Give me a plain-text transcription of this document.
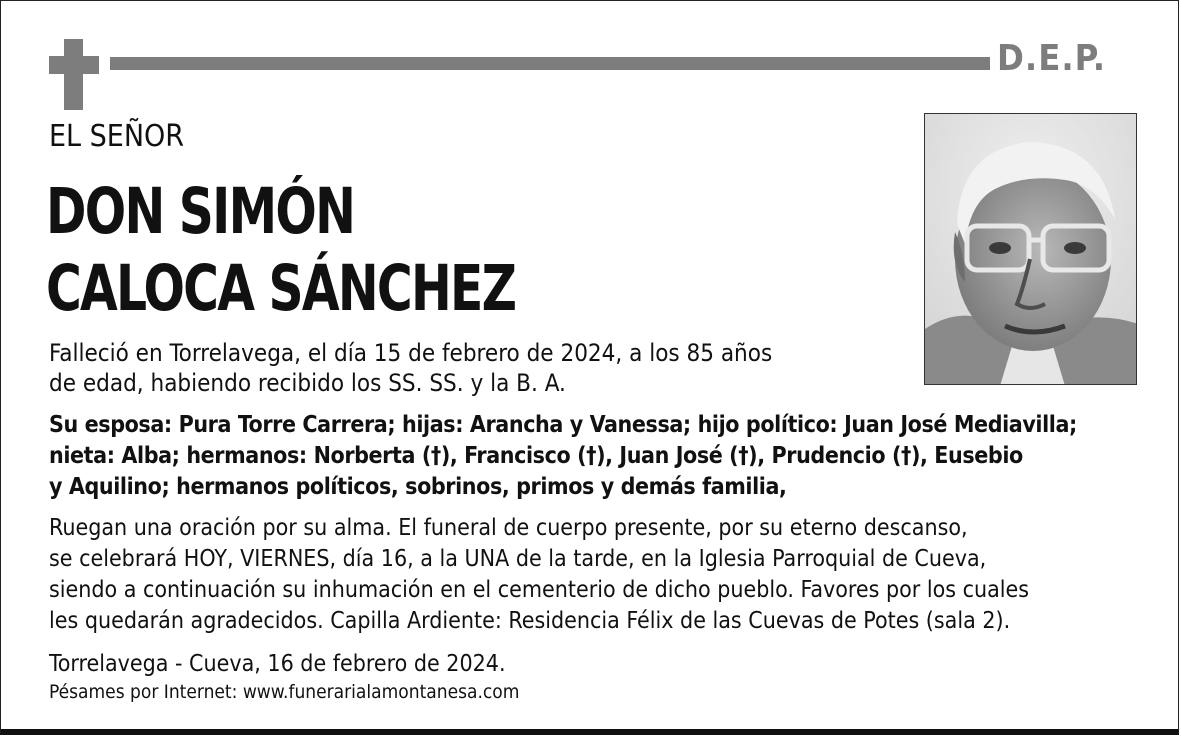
D.E.P.
EL SEÑOR
DON SIMÓN
CALOCA SÁNCHEZ
Falleció en Torrelavega, el día 15 de febrero de 2024, a los 85 años
de edad, habiendo recibido los SS. SS. y la B. A.
Su esposa: Pura Torre Carrera; hijas: Arancha y Vanessa; hijo político: Juan José Mediavilla;
nieta: Alba; hermanos: Norberta (†), Francisco (†), Juan José (†), Prudencio (†), Eusebio
y Aquilino; hermanos políticos, sobrinos, primos y demás familia,
Ruegan una oración por su alma. El funeral de cuerpo presente, por su eterno descanso,
se celebrará HOY, VIERNES, día 16, a la UNA de la tarde, en la Iglesia Parroquial de Cueva,
siendo a continuación su inhumación en el cementerio de dicho pueblo. Favores por los cuales
les quedarán agradecidos. Capilla Ardiente: Residencia Félix de las Cuevas de Potes (sala 2).
Torrelavega - Cueva, 16 de febrero de 2024.
Pésames por Internet: www.funerarialamontanesa.com
